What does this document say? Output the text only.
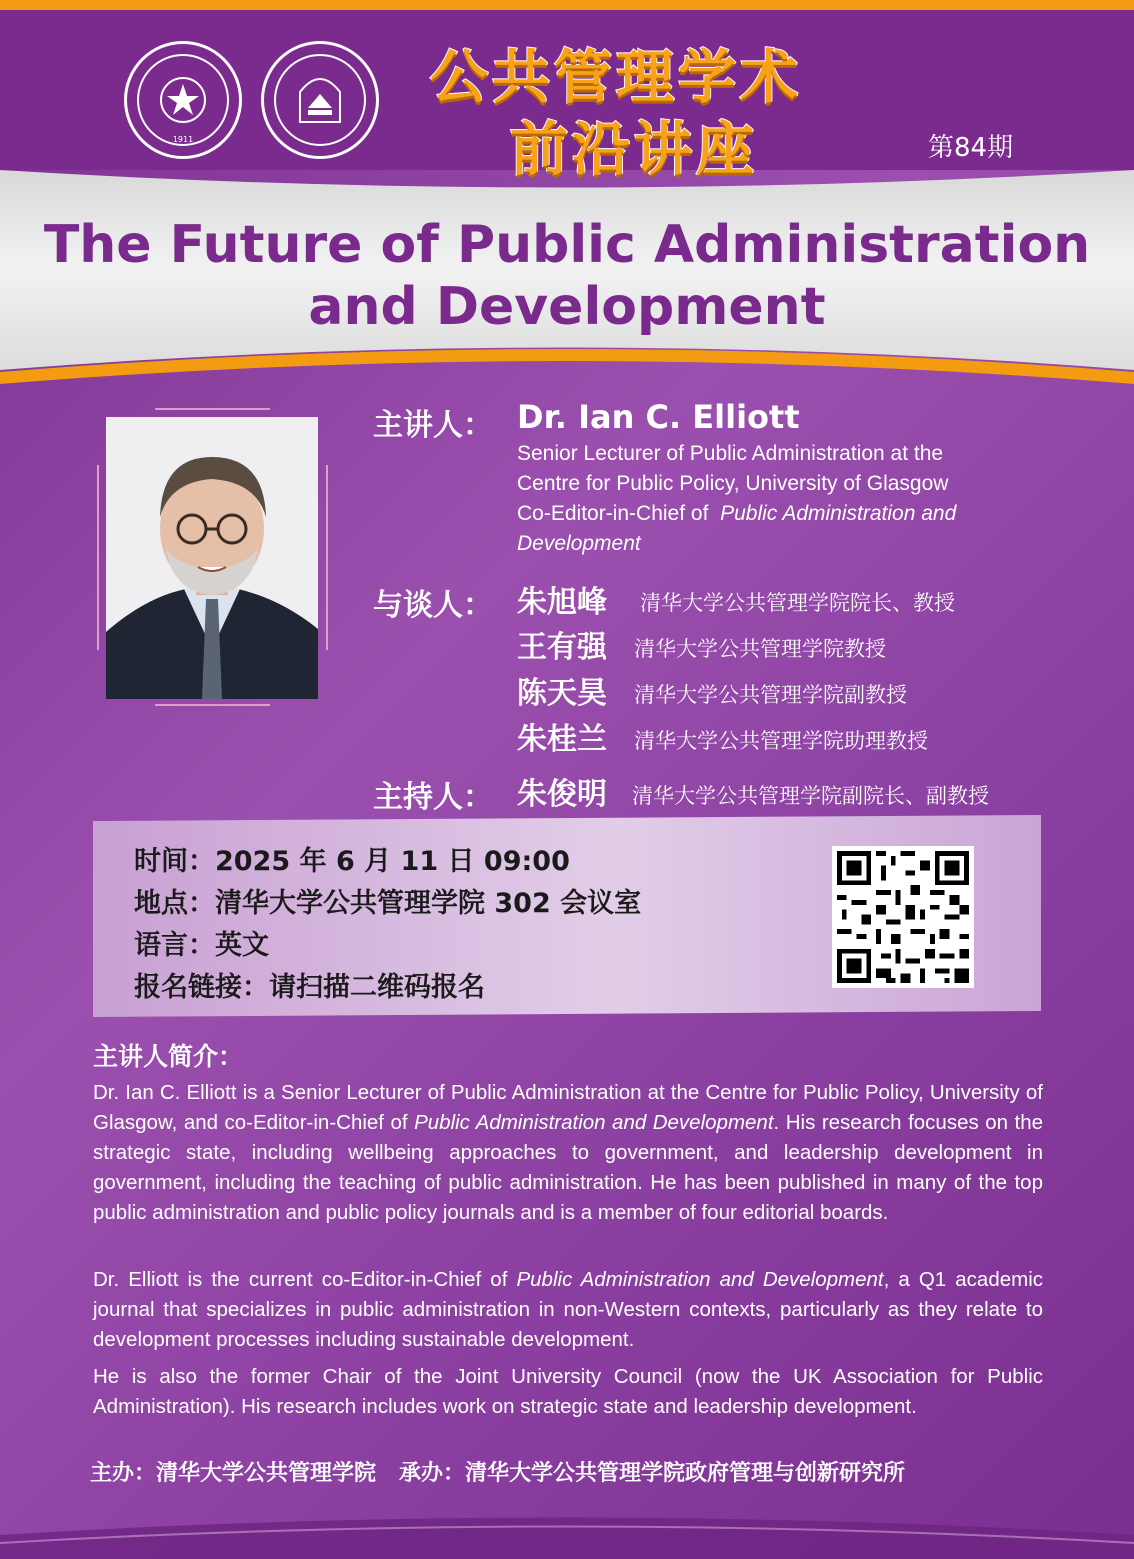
1911
公共管理学术
前沿讲座	第84期
The Future of Public Administration
and Development
主讲人： Dr. Ian C. Elliott
Senior Lecturer of Public Administration at the
Centre for Public Policy, University of Glasgow
Co-Editor-in-Chief of Public Administration and
Development
与谈人： 朱旭峰 清华大学公共管理学院院长、教授
王有强 清华大学公共管理学院教授
陈天昊 清华大学公共管理学院副教授
朱桂兰 清华大学公共管理学院助理教授
主持人： 朱俊明 清华大学公共管理学院副院长、副教授
时间：2025 年 6 月 11 日 09:00
地点：清华大学公共管理学院 302 会议室
语言：英文
报名链接：请扫描二维码报名
主讲人简介：
Dr. Ian C. Elliott is a Senior Lecturer of Public Administration at the Centre for Public Policy, University of Glasgow, and co-Editor-in-Chief of Public Administration and Development. His research focuses on the strategic state, including wellbeing approaches to government, and leadership development in government, including the teaching of public administration. He has been published in many of the top public administration and public policy journals and is a member of four editorial boards.
Dr. Elliott is the current co-Editor-in-Chief of Public Administration and Development, a Q1 academic journal that specializes in public administration in non-Western contexts, particularly as they relate to development processes including sustainable development.
He is also the former Chair of the Joint University Council (now the UK Association for Public Administration). His research includes work on strategic state and leadership development.
主办：清华大学公共管理学院 承办：清华大学公共管理学院政府管理与创新研究所
